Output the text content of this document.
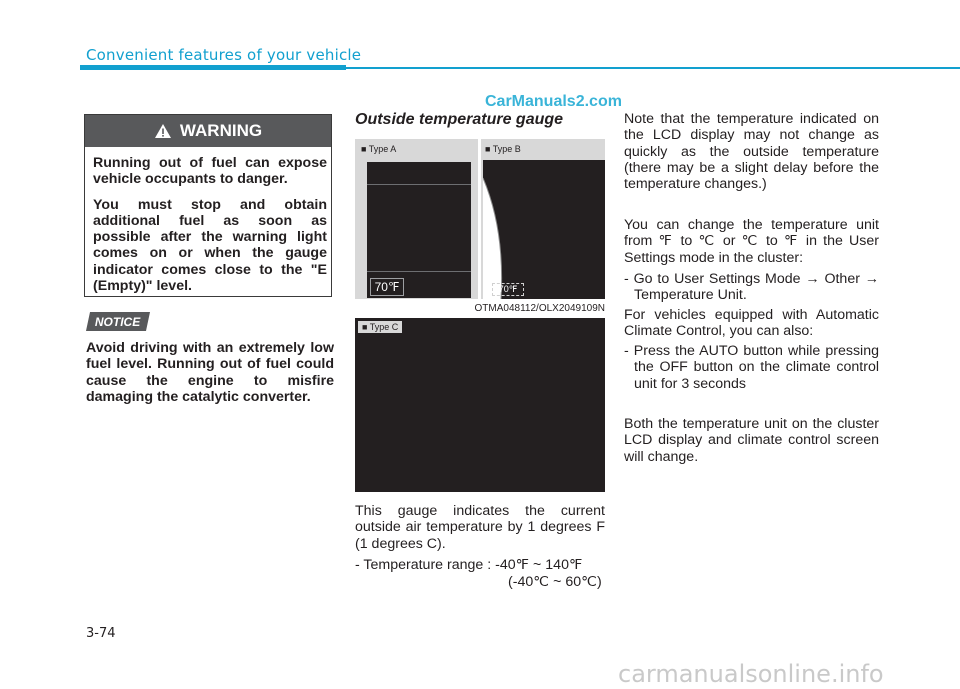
Convenient features of your vehicle
CarManuals2.com
WARNING

Running out of fuel can expose vehicle occupants to danger.

You must stop and obtain additional fuel as soon as possible after the warning light comes on or when the gauge indicator comes close to the "E (Empty)" level.

NOTICE
Avoid driving with an extremely low fuel level. Running out of fuel could cause the engine to misfire damaging the catalytic converter.
Outside temperature gauge
■ Type A	■ Type B
70℉	70℉
OTMA048112/OLX2049109N
■ Type C
This gauge indicates the current outside air temperature by 1 degrees F (1 degrees C).
- Temperature range : -40℉ ~ 140℉
(-40℃ ~ 60℃)
Note that the temperature indicated on the LCD display may not change as quickly as the outside temperature (there may be a slight delay before the temperature changes.)
You can change the temperature unit from ℉ to ℃ or ℃ to ℉ in the User Settings mode in the cluster:
- Go to User Settings Mode → Other → Temperature Unit.
For vehicles equipped with Automatic Climate Control, you can also:
- Press the AUTO button while pressing the OFF button on the climate control unit for 3 seconds
Both the temperature unit on the cluster LCD display and climate control screen will change.
3-74
carmanualsonline.info
